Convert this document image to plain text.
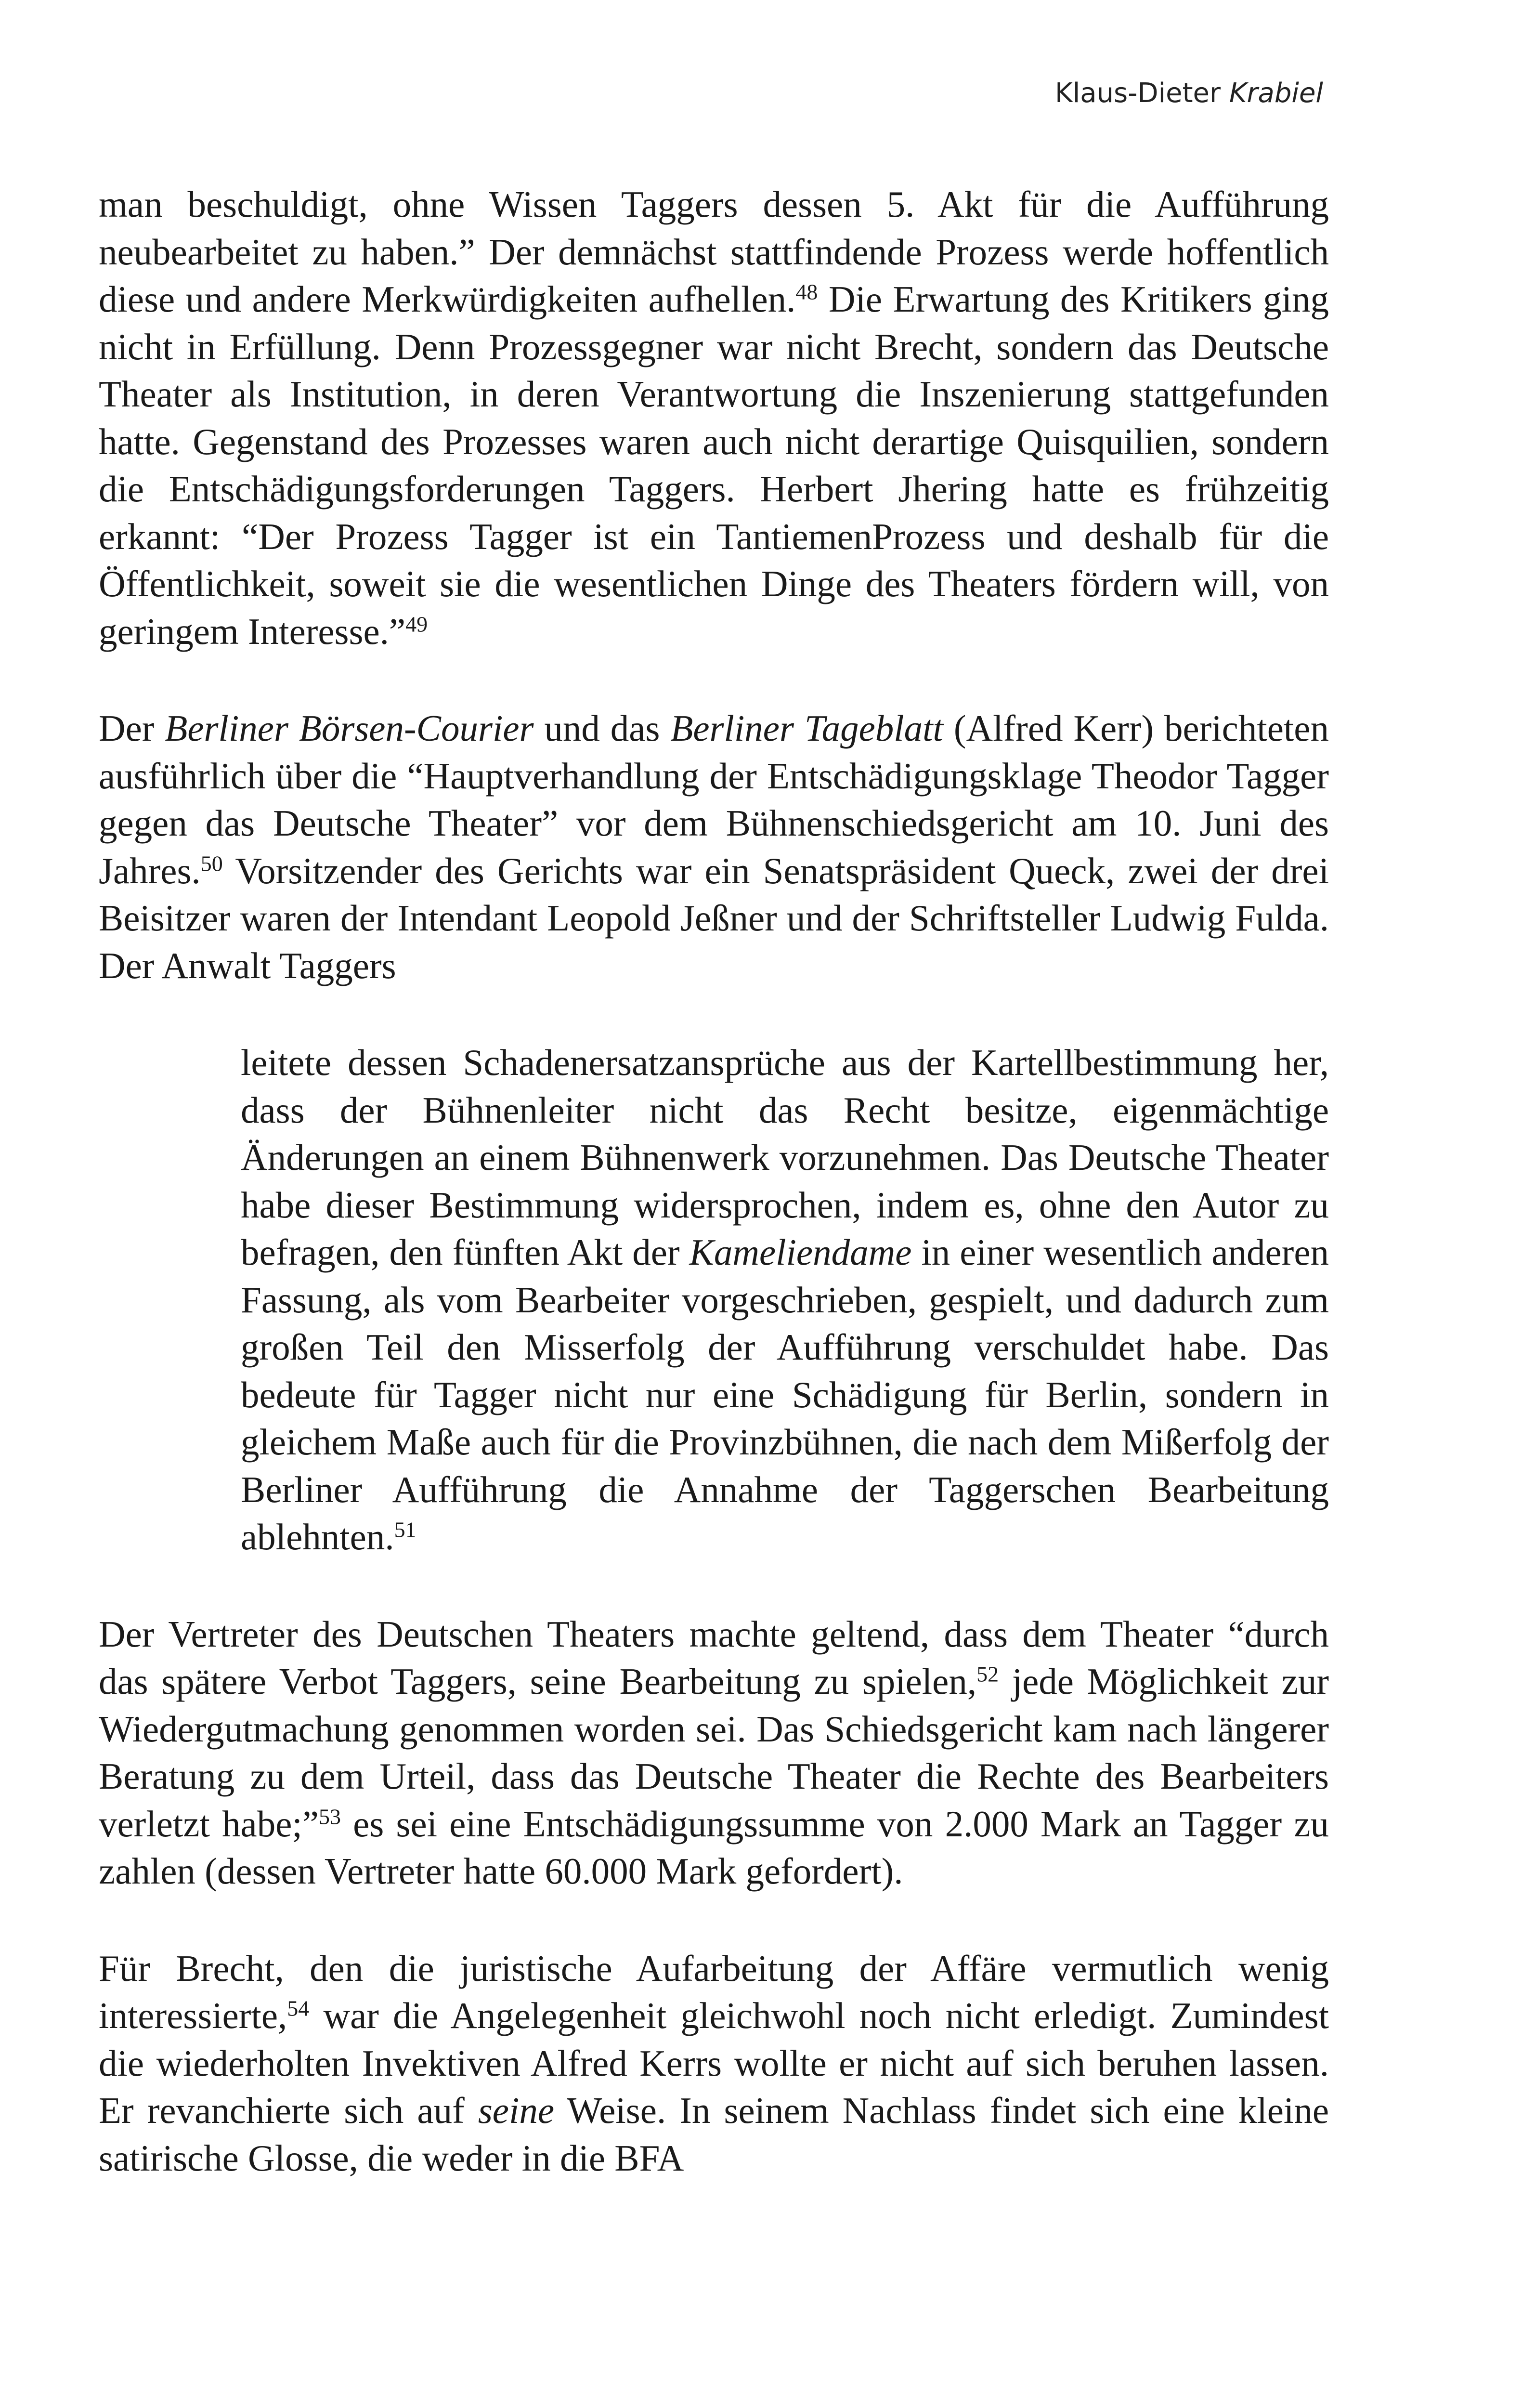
Klaus-Dieter Krabiel

man beschuldigt, ohne Wissen Taggers dessen 5. Akt für die Aufführung neubearbeitet zu haben.” Der demnächst stattfindende Prozess werde hoffentlich diese und andere Merkwürdigkeiten aufhellen.$^{48}$ Die Erwartung des Kritikers ging nicht in Erfüllung. Denn Prozessgegner war nicht Brecht, sondern das Deutsche Theater als Institution, in deren Verantwortung die Inszenierung stattgefunden hatte. Gegenstand des Prozesses waren auch nicht derartige Quisquilien, sondern die Entschädigungsforderungen Taggers. Herbert Jhering hatte es frühzeitig erkannt: “Der Prozess Tagger ist ein TantiemenProzess und deshalb für die Öffentlichkeit, soweit sie die wesentlichen Dinge des Theaters fördern will, von geringem Interesse.”$^{49}$

Der Berliner Börsen-Courier und das Berliner Tageblatt (Alfred Kerr) berichteten ausführlich über die “Hauptverhandlung der Entschädigungsklage Theodor Tagger gegen das Deutsche Theater” vor dem Bühnenschiedsgericht am 10. Juni des Jahres.$^{50}$ Vorsitzender des Gerichts war ein Senatspräsident Queck, zwei der drei Beisitzer waren der Intendant Leopold Jeßner und der Schriftsteller Ludwig Fulda. Der Anwalt Taggers

leitete dessen Schadenersatzansprüche aus der Kartellbestimmung her, dass der Bühnenleiter nicht das Recht besitze, eigenmächtige Änderungen an einem Bühnenwerk vorzunehmen. Das Deutsche Theater habe dieser Bestimmung widersprochen, indem es, ohne den Autor zu befragen, den fünften Akt der Kameliendame in einer wesentlich anderen Fassung, als vom Bearbeiter vorgeschrieben, gespielt, und dadurch zum großen Teil den Misserfolg der Aufführung verschuldet habe. Das bedeute für Tagger nicht nur eine Schädigung für Berlin, sondern in gleichem Maße auch für die Provinzbühnen, die nach dem Mißerfolg der Berliner Aufführung die Annahme der Taggerschen Bearbeitung ablehnten.$^{51}$

Der Vertreter des Deutschen Theaters machte geltend, dass dem Theater “durch das spätere Verbot Taggers, seine Bearbeitung zu spielen,$^{52}$ jede Möglichkeit zur Wiedergutmachung genommen worden sei. Das Schiedsgericht kam nach längerer Beratung zu dem Urteil, dass das Deutsche Theater die Rechte des Bearbeiters verletzt habe;”$^{53}$ es sei eine Entschädigungssumme von 2.000 Mark an Tagger zu zahlen (dessen Vertreter hatte 60.000 Mark gefordert).

Für Brecht, den die juristische Aufarbeitung der Affäre vermutlich wenig interessierte,$^{54}$ war die Angelegenheit gleichwohl noch nicht erledigt. Zumindest die wiederholten Invektiven Alfred Kerrs wollte er nicht auf sich beruhen lassen. Er revanchierte sich auf seine Weise. In seinem Nachlass findet sich eine kleine satirische Glosse, die weder in die BFA
